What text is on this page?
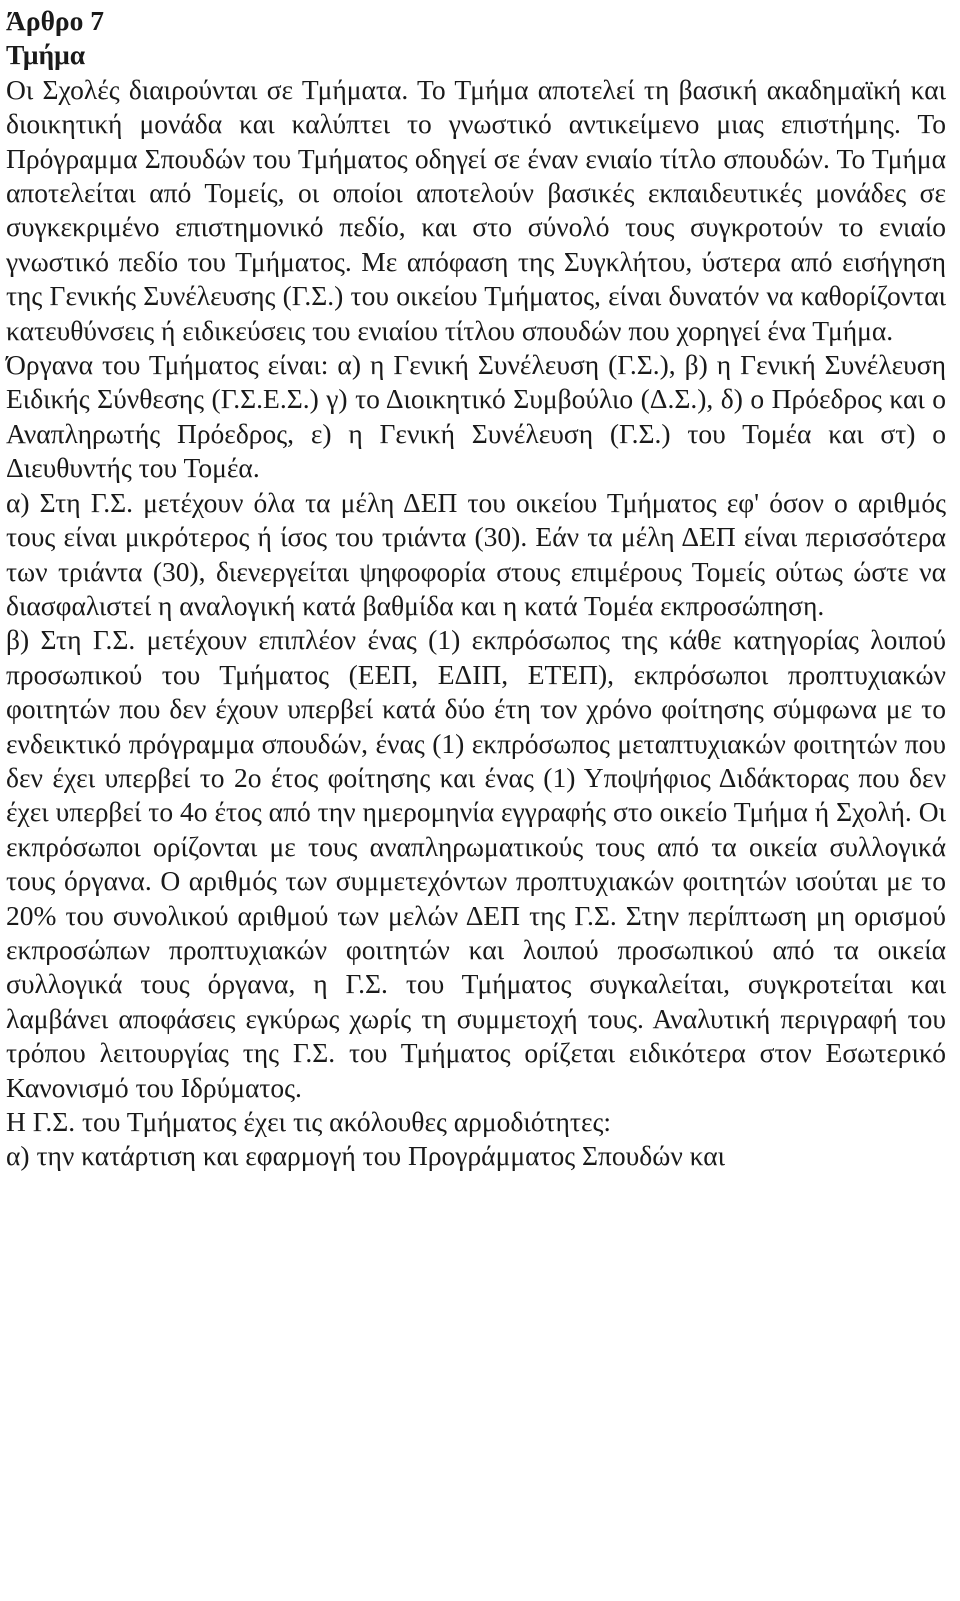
Άρθρο 7

Τμήμα

Οι Σχολές διαιρούνται σε Τμήματα. Το Τμήμα αποτελεί τη βασική ακαδημαϊκή και διοικητική μονάδα και καλύπτει το γνωστικό αντικείμενο μιας επιστήμης. Το Πρόγραμμα Σπουδών του Τμήματος οδηγεί σε έναν ενιαίο τίτλο σπουδών. Το Τμήμα αποτελείται από Τομείς, οι οποίοι αποτελούν βασικές εκπαιδευτικές μονάδες σε συγκεκριμένο επιστημονικό πεδίο, και στο σύνολό τους συγκροτούν το ενιαίο γνωστικό πεδίο του Τμήματος. Με απόφαση της Συγκλήτου, ύστερα από εισήγηση της Γενικής Συνέλευσης (Γ.Σ.) του οικείου Τμήματος, είναι δυνατόν να καθορίζονται κατευθύνσεις ή ειδικεύσεις του ενιαίου τίτλου σπουδών που χορηγεί ένα Τμήμα.

Όργανα του Τμήματος είναι: α) η Γενική Συνέλευση (Γ.Σ.), β) η Γενική Συνέλευση Ειδικής Σύνθεσης (Γ.Σ.Ε.Σ.) γ) το Διοικητικό Συμβούλιο (Δ.Σ.), δ) ο Πρόεδρος και ο Αναπληρωτής Πρόεδρος, ε) η Γενική Συνέλευση (Γ.Σ.) του Τομέα και στ) ο Διευθυντής του Τομέα.

α) Στη Γ.Σ. μετέχουν όλα τα μέλη ΔΕΠ του οικείου Τμήματος εφ' όσον ο αριθμός τους είναι μικρότερος ή ίσος του τριάντα (30). Εάν τα μέλη ΔΕΠ είναι περισσότερα των τριάντα (30), διενεργείται ψηφοφορία στους επιμέρους Τομείς ούτως ώστε να διασφαλιστεί η αναλογική κατά βαθμίδα και η κατά Τομέα εκπροσώπηση.

β) Στη Γ.Σ. μετέχουν επιπλέον ένας (1) εκπρόσωπος της κάθε κατηγορίας λοιπού προσωπικού του Τμήματος (ΕΕΠ, ΕΔΙΠ, ΕΤΕΠ), εκπρόσωποι προπτυχιακών φοιτητών που δεν έχουν υπερβεί κατά δύο έτη τον χρόνο φοίτησης σύμφωνα με το ενδεικτικό πρόγραμμα σπουδών, ένας (1) εκπρόσωπος μεταπτυχιακών φοιτητών που δεν έχει υπερβεί το 2ο έτος φοίτησης και ένας (1) Υποψήφιος Διδάκτορας που δεν έχει υπερβεί το 4ο έτος από την ημερομηνία εγγραφής στο οικείο Τμήμα ή Σχολή. Οι εκπρόσωποι ορίζονται με τους αναπληρωματικούς τους από τα οικεία συλλογικά τους όργανα. Ο αριθμός των συμμετεχόντων προπτυχιακών φοιτητών ισούται με το 20% του συνολικού αριθμού των μελών ΔΕΠ της Γ.Σ. Στην περίπτωση μη ορισμού εκπροσώπων προπτυχιακών φοιτητών και λοιπού προσωπικού από τα οικεία συλλογικά τους όργανα, η Γ.Σ. του Τμήματος συγκαλείται, συγκροτείται και λαμβάνει αποφάσεις εγκύρως χωρίς τη συμμετοχή τους. Αναλυτική περιγραφή του τρόπου λειτουργίας της Γ.Σ. του Τμήματος ορίζεται ειδικότερα στον Εσωτερικό Κανονισμό του Ιδρύματος.

Η Γ.Σ. του Τμήματος έχει τις ακόλουθες αρμοδιότητες:

α) την κατάρτιση και εφαρμογή του Προγράμματος Σπουδών και
